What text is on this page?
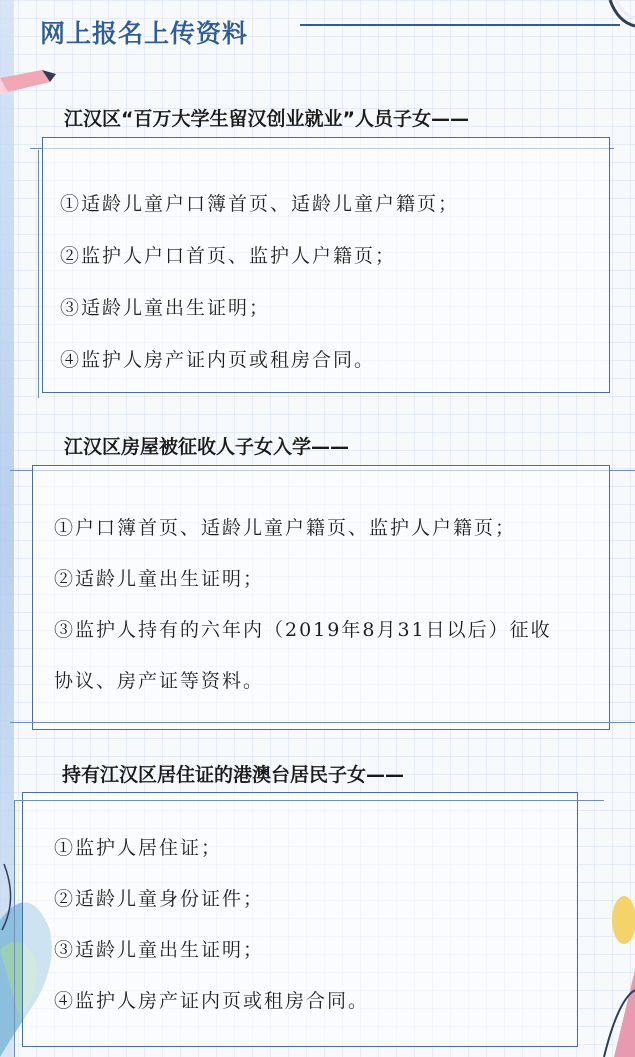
网上报名上传资料
江汉区“百万大学生留汉创业就业”人员子女——
①适龄儿童户口簿首页、适龄儿童户籍页；
②监护人户口首页、监护人户籍页；
③适龄儿童出生证明；
④监护人房产证内页或租房合同。
江汉区房屋被征收人子女入学——
①户口簿首页、适龄儿童户籍页、监护人户籍页；
②适龄儿童出生证明；
③监护人持有的六年内（2019年8月31日以后）征收
协议、房产证等资料。
持有江汉区居住证的港澳台居民子女——
①监护人居住证；
②适龄儿童身份证件；
③适龄儿童出生证明；
④监护人房产证内页或租房合同。
